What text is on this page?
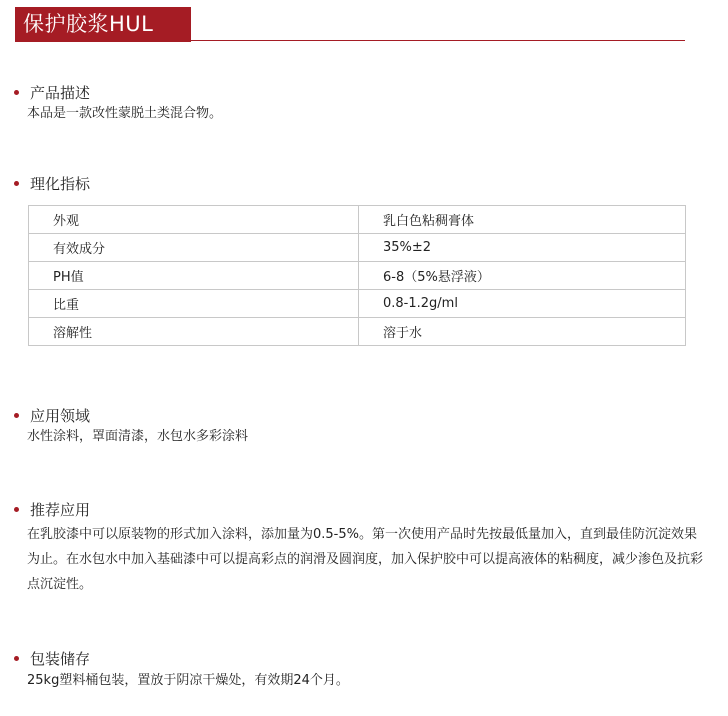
保护胶浆HUL
产品描述
本品是一款改性蒙脱土类混合物。
理化指标
外观	乳白色粘稠膏体
有效成分	35%±2
PH值	6-8（5%悬浮液）
比重	0.8-1.2g/ml
溶解性	溶于水
应用领域
水性涂料，罩面清漆，水包水多彩涂料
推荐应用

在乳胶漆中可以原装物的形式加入涂料，添加量为0.5-5%。第一次使用产品时先按最低量加入，直到最佳防沉淀效果为止。在水包水中加入基础漆中可以提高彩点的润滑及圆润度，加入保护胶中可以提高液体的粘稠度，减少渗色及抗彩点沉淀性。

包装储存
25kg塑料桶包装，置放于阴凉干燥处，有效期24个月。
